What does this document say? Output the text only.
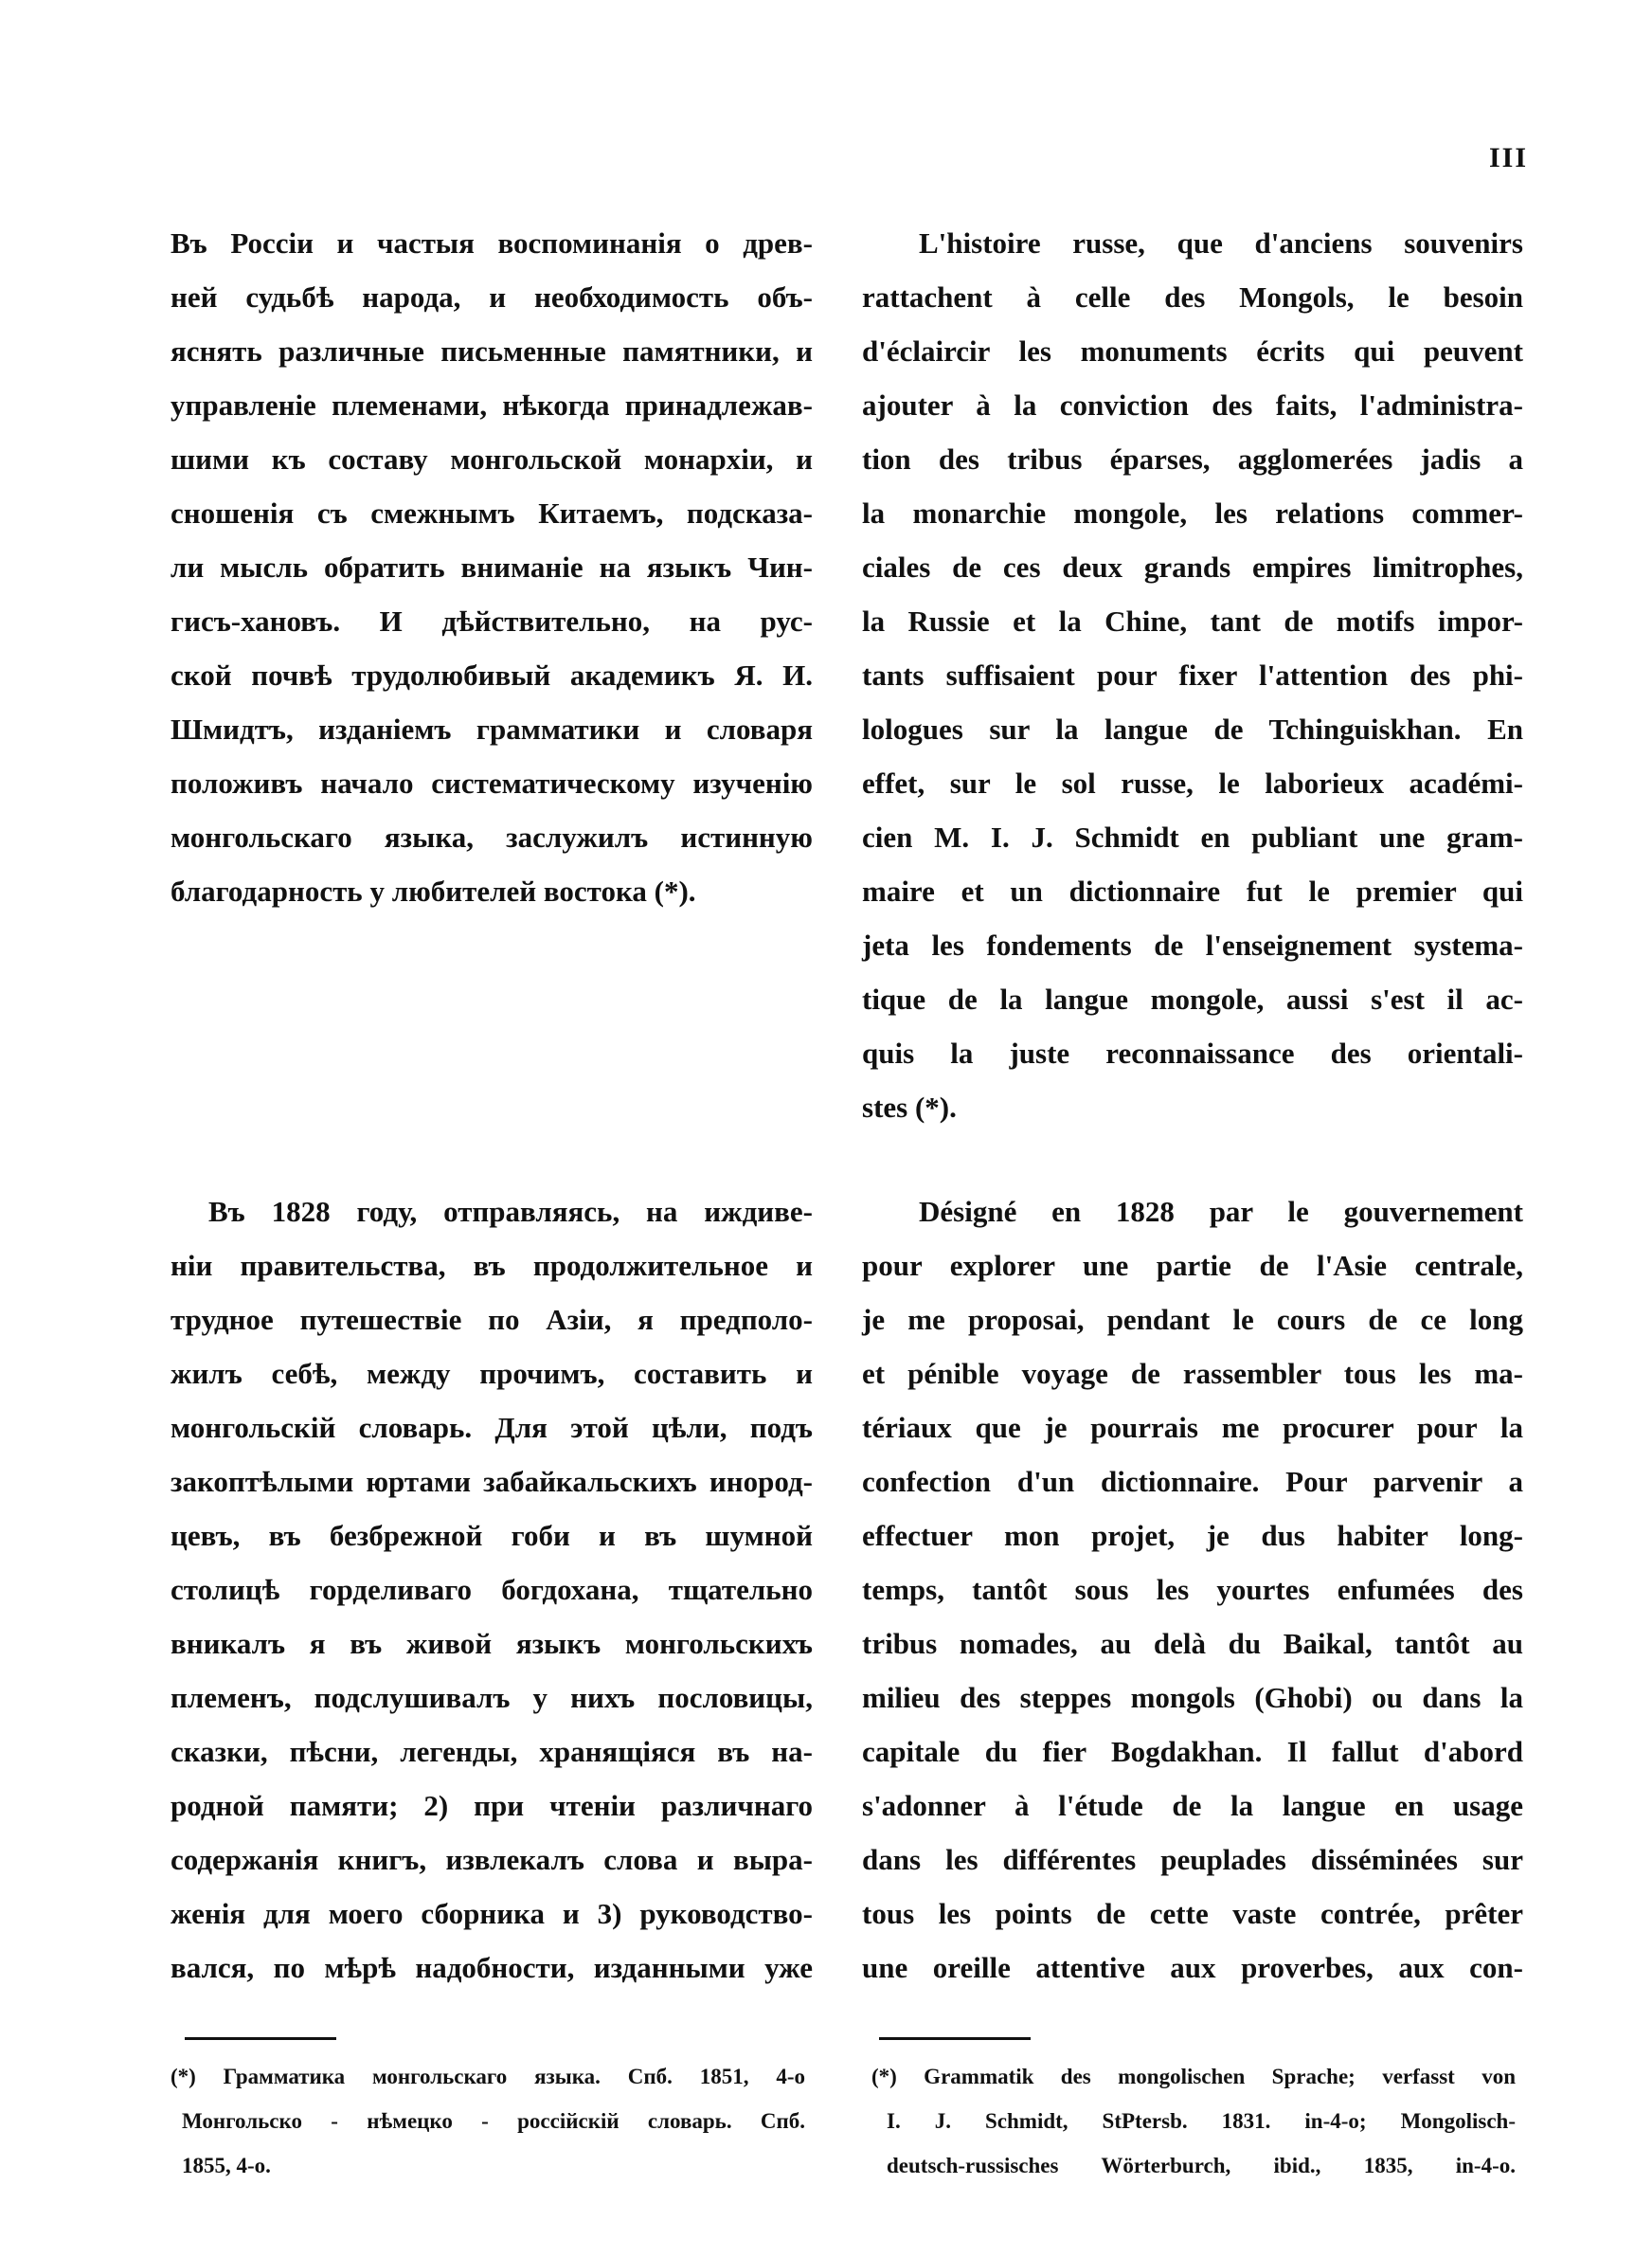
III
Въ Россіи и частыя воспоминанія о древ-
ней судьбѣ народа, и необходимость объ-
яснять различные письменные памятники, и
управленіе племенами, нѣкогда принадлежав-
шими къ составу монгольской монархіи, и
сношенія съ смежнымъ Китаемъ, подсказа-
ли мысль обратить вниманіе на языкъ Чин-
гисъ-хановъ. И дѣйствительно, на рус-
ской почвѣ трудолюбивый академикъ Я. И.
Шмидтъ, изданіемъ грамматики и словаря
положивъ начало систематическому изученію
монгольскаго языка, заслужилъ истинную
благодарность у любителей востока (*).
L'histoire russe, que d'anciens souvenirs
rattachent à celle des Mongols, le besoin
d'éclaircir les monuments écrits qui peuvent
ajouter à la conviction des faits, l'administra-
tion des tribus éparses, agglomerées jadis a
la monarchie mongole, les relations commer-
ciales de ces deux grands empires limitrophes,
la Russie et la Chine, tant de motifs impor-
tants suffisaient pour fixer l'attention des phi-
lologues sur la langue de Tchinguiskhan. En
effet, sur le sol russe, le laborieux académi-
cien M. I. J. Schmidt en publiant une gram-
maire et un dictionnaire fut le premier qui
jeta les fondements de l'enseignement systema-
tique de la langue mongole, aussi s'est il ac-
quis la juste reconnaissance des orientali-
stes (*).
Въ 1828 году, отправляясь, на иждиве-
ніи правительства, въ продолжительное и
трудное путешествіе по Азіи, я предполо-
жилъ себѣ, между прочимъ, составить и
монгольскій словарь. Для этой цѣли, подъ
закоптѣлыми юртами забайкальскихъ инород-
цевъ, въ безбрежной гоби и въ шумной
столицѣ горделиваго богдохана, тщательно
вникалъ я въ живой языкъ монгольскихъ
племенъ, подслушивалъ у нихъ пословицы,
сказки, пѣсни, легенды, хранящіяся въ на-
родной памяти; 2) при чтеніи различнаго
содержанія книгъ, извлекалъ слова и выра-
женія для моего сборника и 3) руководство-
вался, по мѣрѣ надобности, изданными уже
Désigné en 1828 par le gouvernement
pour explorer une partie de l'Asie centrale,
je me proposai, pendant le cours de ce long
et pénible voyage de rassembler tous les ma-
tériaux que je pourrais me procurer pour la
confection d'un dictionnaire. Pour parvenir a
effectuer mon projet, je dus habiter long-
temps, tantôt sous les yourtes enfumées des
tribus nomades, au delà du Baikal, tantôt au
milieu des steppes mongols (Ghobi) ou dans la
capitale du fier Bogdakhan. Il fallut d'abord
s'adonner à l'étude de la langue en usage
dans les différentes peuplades disséminées sur
tous les points de cette vaste contrée, prêter
une oreille attentive aux proverbes, aux con-
(*) Грамматика монгольскаго языка. Спб. 1851, 4-о
Монгольско - нѣмецко - россійскій словарь. Спб.
1855, 4-о.
(*) Grammatik des mongolischen Sprache; verfasst von
I. J. Schmidt, StPtersb. 1831. in-4-o; Mongolisch-
deutsch-russisches Wörterburch, ibid., 1835, in-4-o.
